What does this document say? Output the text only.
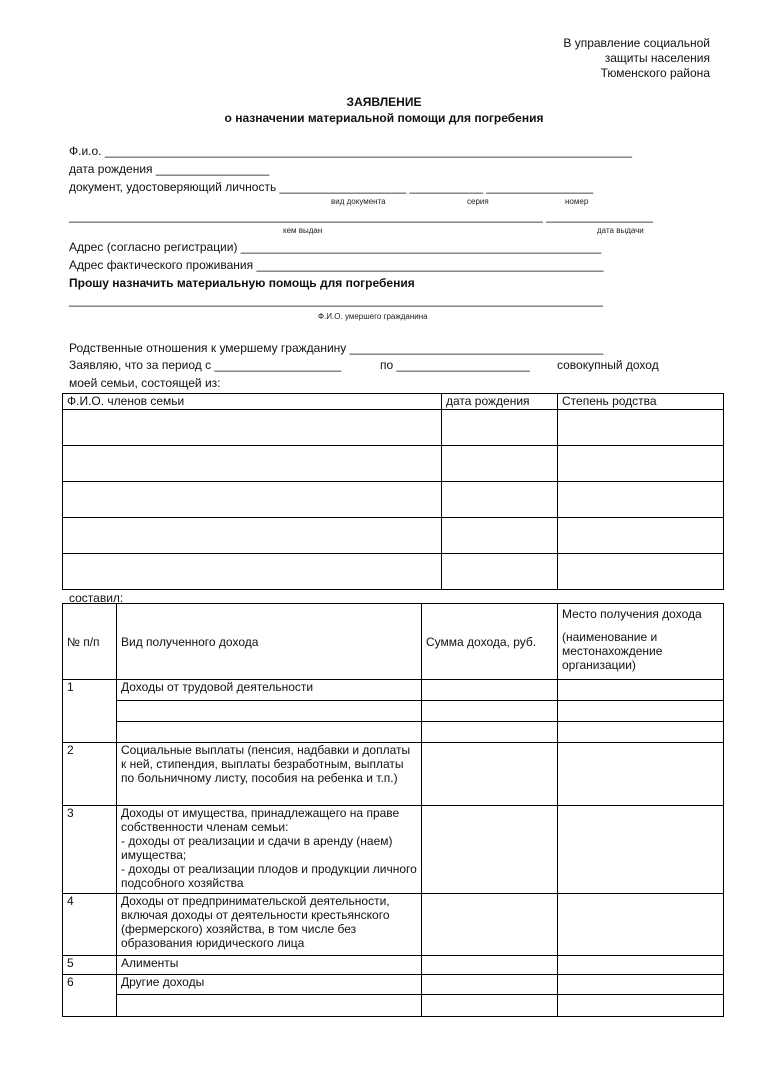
В управление социальной
защиты населения
Тюменского района
ЗАЯВЛЕНИЕ
о назначении материальной помощи для погребения
Ф.и.о. _______________________________________________________________________________
дата рождения _________________
документ, удостоверяющий личность ___________________ ___________ ________________
вид документа	серия	номер
_______________________________________________________________________ ________________
кем выдан	дата выдачи
Адрес (согласно регистрации) ______________________________________________________
Адрес фактического проживания ____________________________________________________
Прошу назначить материальную помощь для погребения
________________________________________________________________________________
Ф.И.О. умершего гражданина
Родственные отношения к умершему гражданину ______________________________________
Заявляю, что за период с ___________________	по ____________________ совокупный доход
моей семьи, состоящей из:
Ф.И.О. членов семьи	дата рождения	Степень родства

составил:
№ п/п	Вид полученного дохода	Сумма дохода, руб.	Место получения дохода
(наименование и местонахождение организации)

1	Доходы от трудовой деятельности		

2	Социальные выплаты (пенсия, надбавки и доплаты к ней, стипендия, выплаты безработным, выплаты по больничному листу, пособия на ребенка и т.п.)		
3	Доходы от имущества, принадлежащего на праве собственности членам семьи:
- доходы от реализации и сдачи в аренду (наем) имущества;
- доходы от реализации плодов и продукции личного подсобного хозяйства		
4	Доходы от предпринимательской деятельности, включая доходы от деятельности крестьянского (фермерского) хозяйства, в том числе без образования юридического лица		
5	Алименты		
6	Другие доходы		
